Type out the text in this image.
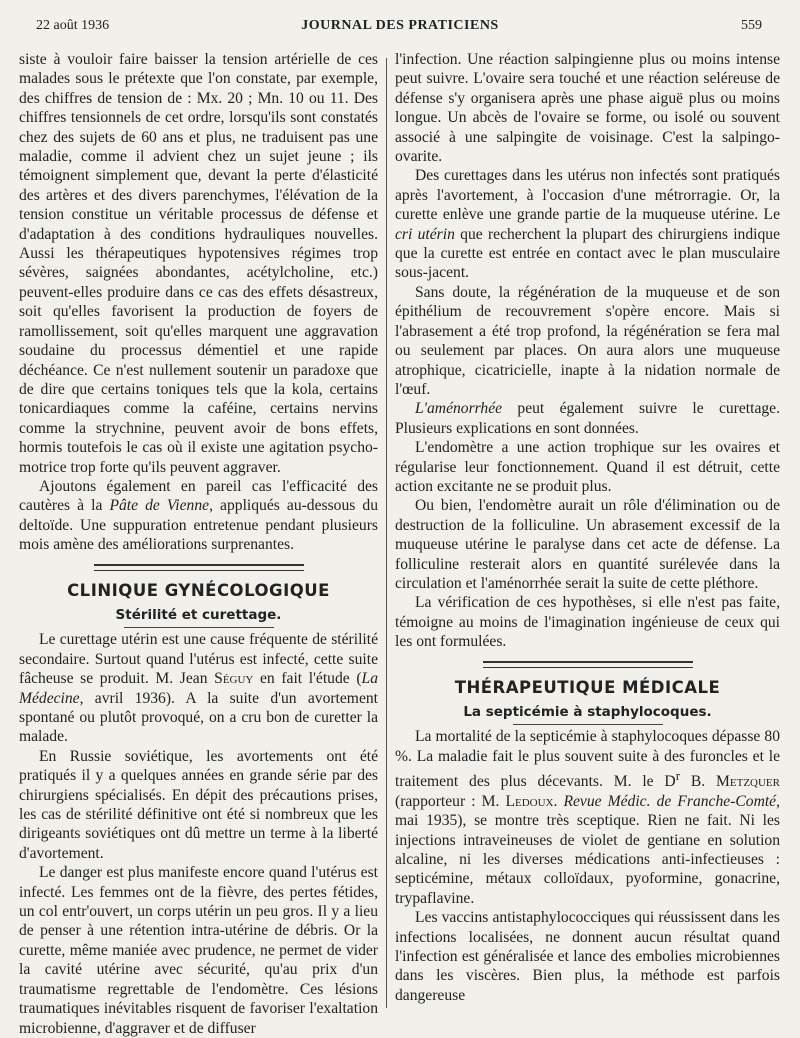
22 août 1936	JOURNAL DES PRATICIENS	559

siste à vouloir faire baisser la tension artérielle de ces malades sous le prétexte que l'on constate, par exemple, des chiffres de tension de : Mx. 20 ; Mn. 10 ou 11. Des chiffres tensionnels de cet ordre, lorsqu'ils sont constatés chez des sujets de 60 ans et plus, ne traduisent pas une maladie, comme il advient chez un sujet jeune ; ils témoignent simplement que, devant la perte d'élasticité des artères et des divers parenchymes, l'élévation de la tension constitue un véritable processus de défense et d'adaptation à des conditions hydrauliques nouvelles. Aussi les thérapeutiques hypotensives régimes trop sévères, saignées abondantes, acétylcholine, etc.) peuvent-elles produire dans ce cas des effets désastreux, soit qu'elles favorisent la production de foyers de ramollissement, soit qu'elles marquent une aggravation soudaine du processus démentiel et une rapide déchéance. Ce n'est nullement soutenir un paradoxe que de dire que certains toniques tels que la kola, certains tonicardiaques comme la caféine, certains nervins comme la strychnine, peuvent avoir de bons effets, hormis toutefois le cas où il existe une agitation psycho-motrice trop forte qu'ils peuvent aggraver.

Ajoutons également en pareil cas l'efficacité des cautères à la Pâte de Vienne, appliqués au-dessous du deltoïde. Une suppuration entretenue pendant plusieurs mois amène des améliorations surprenantes.

CLINIQUE GYNÉCOLOGIQUE
Stérilité et curettage.

Le curettage utérin est une cause fréquente de stérilité secondaire. Surtout quand l'utérus est infecté, cette suite fâcheuse se produit. M. Jean Séguy en fait l'étude (La Médecine, avril 1936). A la suite d'un avortement spontané ou plutôt provoqué, on a cru bon de curetter la malade.

En Russie soviétique, les avortements ont été pratiqués il y a quelques années en grande série par des chirurgiens spécialisés. En dépit des précautions prises, les cas de stérilité définitive ont été si nombreux que les dirigeants soviétiques ont dû mettre un terme à la liberté d'avortement.

Le danger est plus manifeste encore quand l'utérus est infecté. Les femmes ont de la fièvre, des pertes fétides, un col entr'ouvert, un corps utérin un peu gros. Il y a lieu de penser à une rétention intra-utérine de débris. Or la curette, même maniée avec prudence, ne permet de vider la cavité utérine avec sécurité, qu'au prix d'un traumatisme regrettable de l'endomètre. Ces lésions traumatiques inévitables risquent de favoriser l'exaltation microbienne, d'aggraver et de diffuser

l'infection. Une réaction salpingienne plus ou moins intense peut suivre. L'ovaire sera touché et une réaction seléreuse de défense s'y organisera après une phase aiguë plus ou moins longue. Un abcès de l'ovaire se forme, ou isolé ou souvent associé à une salpingite de voisinage. C'est la salpingo-ovarite.

Des curettages dans les utérus non infectés sont pratiqués après l'avortement, à l'occasion d'une métrorragie. Or, la curette enlève une grande partie de la muqueuse utérine. Le cri utérin que recherchent la plupart des chirurgiens indique que la curette est entrée en contact avec le plan musculaire sous-jacent.

Sans doute, la régénération de la muqueuse et de son épithélium de recouvrement s'opère encore. Mais si l'abrasement a été trop profond, la régénération se fera mal ou seulement par places. On aura alors une muqueuse atrophique, cicatricielle, inapte à la nidation normale de l'œuf.

L'aménorrhée peut également suivre le curettage. Plusieurs explications en sont données.

L'endomètre a une action trophique sur les ovaires et régularise leur fonctionnement. Quand il est détruit, cette action excitante ne se produit plus.

Ou bien, l'endomètre aurait un rôle d'élimination ou de destruction de la folliculine. Un abrasement excessif de la muqueuse utérine le paralyse dans cet acte de défense. La folliculine resterait alors en quantité surélevée dans la circulation et l'aménorrhée serait la suite de cette pléthore.

La vérification de ces hypothèses, si elle n'est pas faite, témoigne au moins de l'imagination ingénieuse de ceux qui les ont formulées.

THÉRAPEUTIQUE MÉDICALE
La septicémie à staphylocoques.

La mortalité de la septicémie à staphylocoques dépasse 80 %. La maladie fait le plus souvent suite à des furoncles et le traitement des plus décevants. M. le $D^r$ B. Metzquer (rapporteur : M. Ledoux. Revue Médic. de Franche-Comté, mai 1935), se montre très sceptique. Rien ne fait. Ni les injections intraveineuses de violet de gentiane en solution alcaline, ni les diverses médications anti-infectieuses : septicémine, métaux colloïdaux, pyoformine, gonacrine, trypaflavine.

Les vaccins antistaphylococciques qui réussissent dans les infections localisées, ne donnent aucun résultat quand l'infection est généralisée et lance des embolies microbiennes dans les viscères. Bien plus, la méthode est parfois dangereuse
